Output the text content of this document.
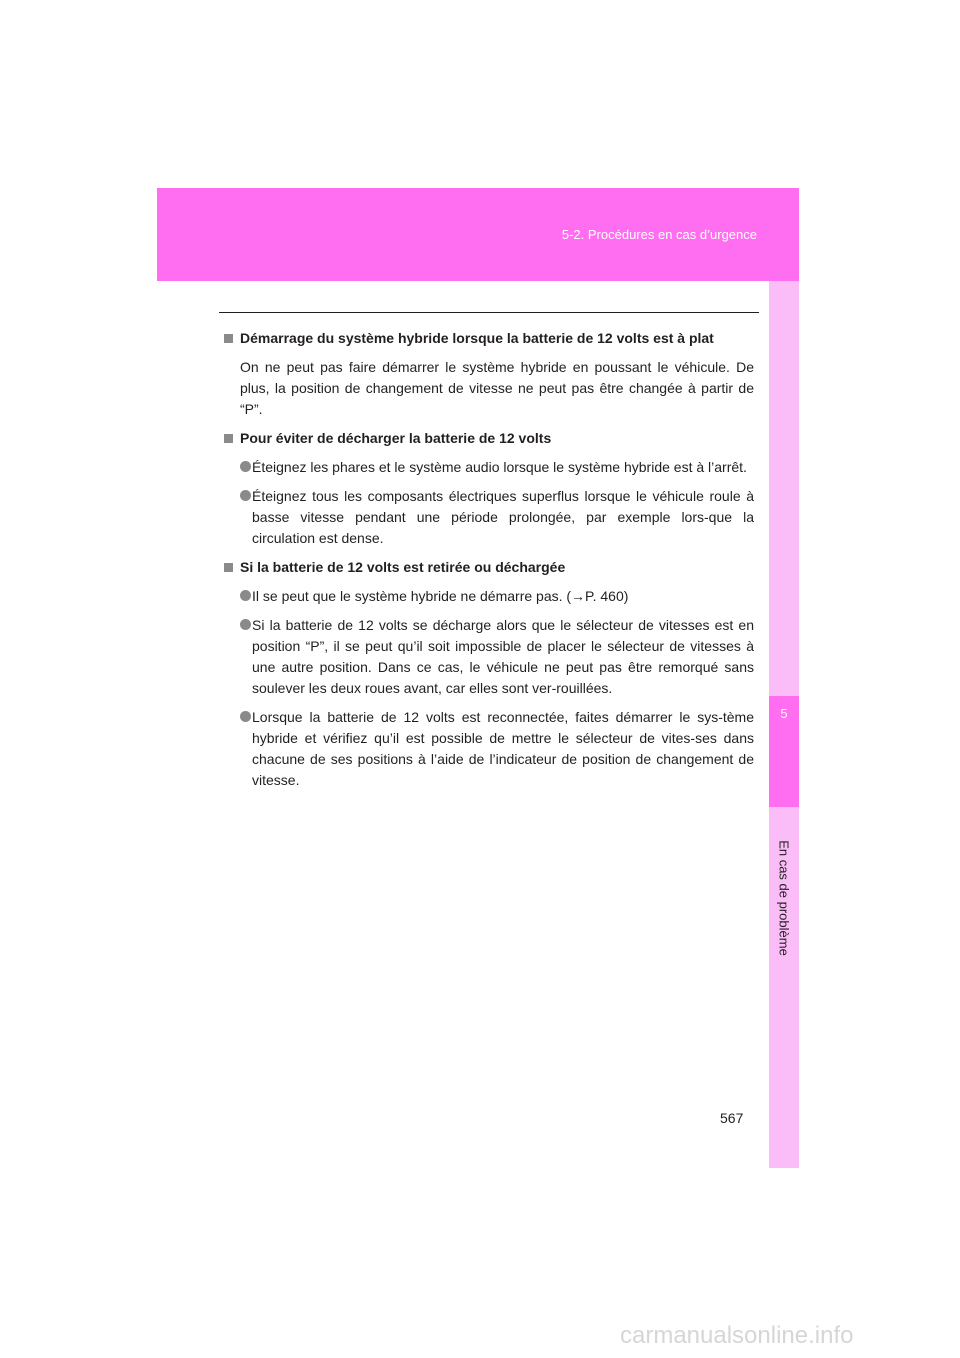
5-2. Procédures en cas d’urgence
5
En cas de problème
Démarrage du système hybride lorsque la batterie de 12 volts est à plat
On ne peut pas faire démarrer le système hybride en poussant le véhicule. De plus, la position de changement de vitesse ne peut pas être changée à partir de “P”.
Pour éviter de décharger la batterie de 12 volts
Éteignez les phares et le système audio lorsque le système hybride est à l’arrêt.
Éteignez tous les composants électriques superflus lorsque le véhicule roule à basse vitesse pendant une période prolongée, par exemple lors-que la circulation est dense.
Si la batterie de 12 volts est retirée ou déchargée
Il se peut que le système hybride ne démarre pas. (→P. 460)
Si la batterie de 12 volts se décharge alors que le sélecteur de vitesses est en position “P”, il se peut qu’il soit impossible de placer le sélecteur de vitesses à une autre position. Dans ce cas, le véhicule ne peut pas être remorqué sans soulever les deux roues avant, car elles sont ver-rouillées.
Lorsque la batterie de 12 volts est reconnectée, faites démarrer le sys-tème hybride et vérifiez qu’il est possible de mettre le sélecteur de vites-ses dans chacune de ses positions à l’aide de l’indicateur de position de changement de vitesse.
567
carmanualsonline.info
